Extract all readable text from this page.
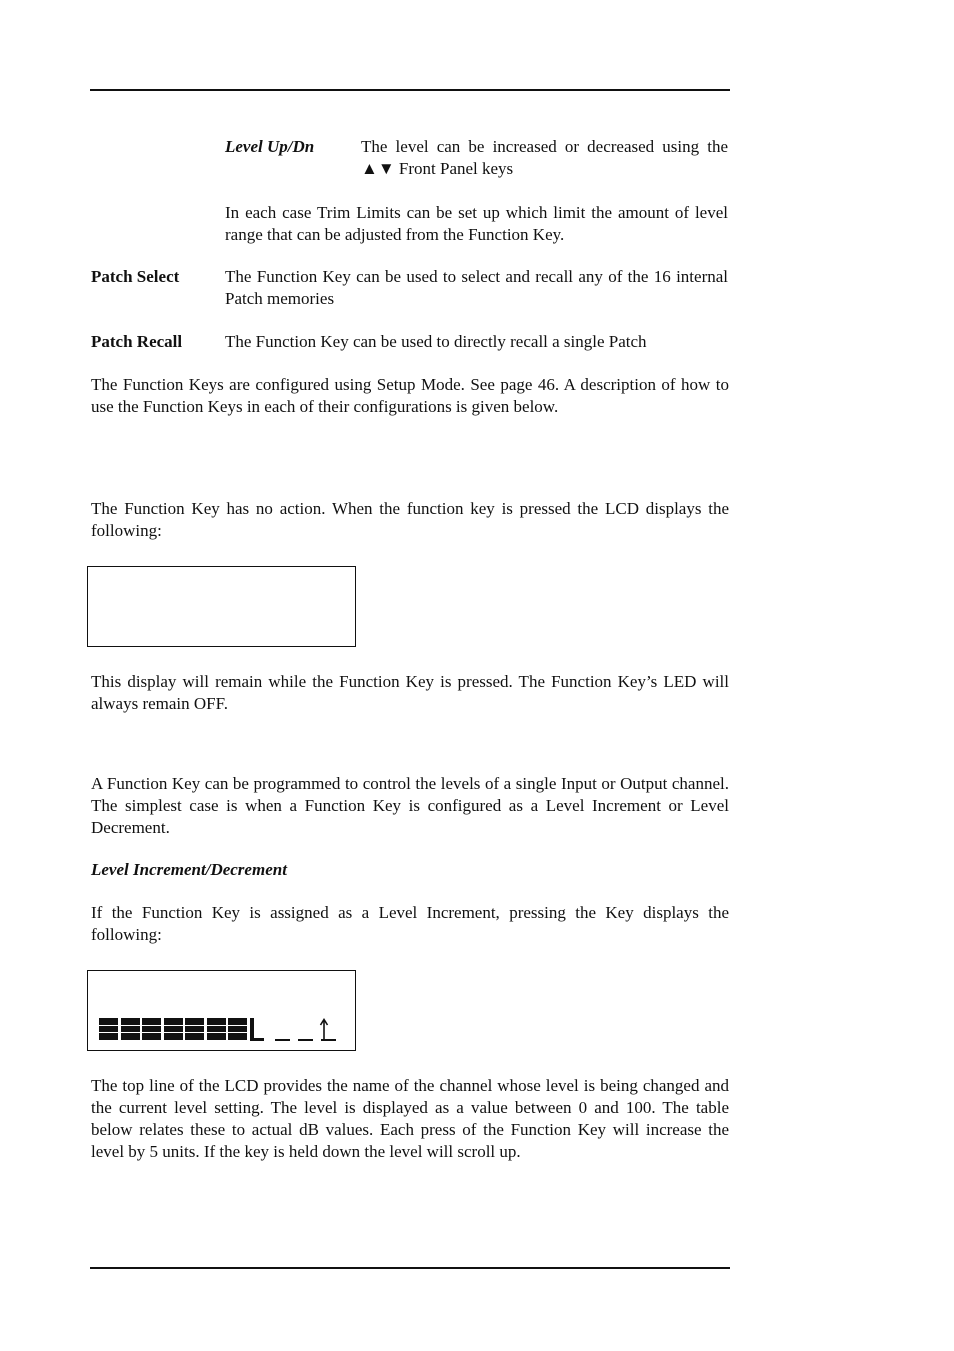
Level Up/Dn	The level can be increased or decreased using the ▲▼ Front Panel keys
In each case Trim Limits can be set up which limit the amount of level range that can be adjusted from the Function Key.
Patch Select	The Function Key can be used to select and recall any of the 16 internal Patch memories
Patch Recall	The Function Key can be used to directly recall a single Patch
The Function Keys are configured using Setup Mode. See page 46. A description of how to use the Function Keys in each of their configurations is given below.
The Function Key has no action. When the function key is pressed the LCD displays the following:
This display will remain while the Function Key is pressed. The Function Key’s LED will always remain OFF.
A Function Key can be programmed to control the levels of a single Input or Output channel. The simplest case is when a Function Key is configured as a Level Increment or Level Decrement.
Level Increment/Decrement
If the Function Key is assigned as a Level Increment, pressing the Key displays the following:
The top line of the LCD provides the name of the channel whose level is being changed and the current level setting. The level is displayed as a value between 0 and 100. The table below relates these to actual dB values. Each press of the Function Key will increase the level by 5 units. If the key is held down the level will scroll up.
